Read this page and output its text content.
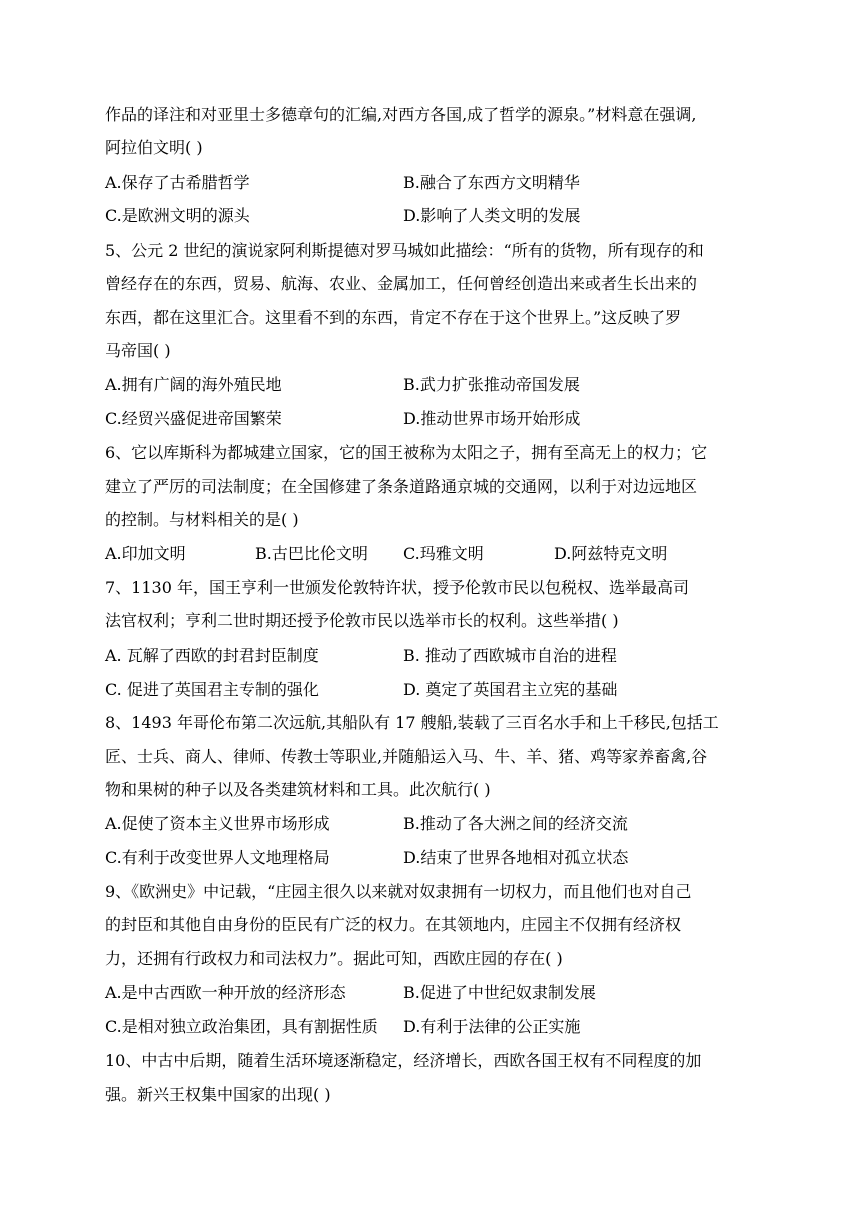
作品的译注和对亚里士多德章句的汇编,对西方各国,成了哲学的源泉。”材料意在强调,
阿拉伯文明( )
A.保存了古希腊哲学	B.融合了东西方文明精华
C.是欧洲文明的源头	D.影响了人类文明的发展
5、公元 2 世纪的演说家阿利斯提德对罗马城如此描绘：“所有的货物，所有现存的和
曾经存在的东西，贸易、航海、农业、金属加工，任何曾经创造出来或者生长出来的
东西，都在这里汇合。这里看不到的东西，肯定不存在于这个世界上。”这反映了罗
马帝国( )
A.拥有广阔的海外殖民地	B.武力扩张推动帝国发展
C.经贸兴盛促进帝国繁荣	D.推动世界市场开始形成
6、它以库斯科为都城建立国家，它的国王被称为太阳之子，拥有至高无上的权力；它
建立了严厉的司法制度；在全国修建了条条道路通京城的交通网，以利于对边远地区
的控制。与材料相关的是( )
A.印加文明	B.古巴比伦文明 C.玛雅文明	D.阿兹特克文明
7、1130 年，国王亨利一世颁发伦敦特许状，授予伦敦市民以包税权、选举最高司
法官权利；亨利二世时期还授予伦敦市民以选举市长的权利。这些举措( )
A. 瓦解了西欧的封君封臣制度	B. 推动了西欧城市自治的进程
C. 促进了英国君主专制的强化	D. 奠定了英国君主立宪的基础
8、1493 年哥伦布第二次远航,其船队有 17 艘船,装载了三百名水手和上千移民,包括工
匠、士兵、商人、律师、传教士等职业,并随船运入马、牛、羊、猪、鸡等家养畜禽,谷
物和果树的种子以及各类建筑材料和工具。此次航行( )
A.促使了资本主义世界市场形成	B.推动了各大洲之间的经济交流
C.有利于改变世界人文地理格局	D.结束了世界各地相对孤立状态
9、《欧洲史》中记载，“庄园主很久以来就对奴隶拥有一切权力，而且他们也对自己
的封臣和其他自由身份的臣民有广泛的权力。在其领地内，庄园主不仅拥有经济权
力，还拥有行政权力和司法权力”。据此可知，西欧庄园的存在( )
A.是中古西欧一种开放的经济形态	B.促进了中世纪奴隶制发展
C.是相对独立政治集团，具有割据性质 D.有利于法律的公正实施
10、中古中后期，随着生活环境逐渐稳定，经济增长，西欧各国王权有不同程度的加
强。新兴王权集中国家的出现( )
